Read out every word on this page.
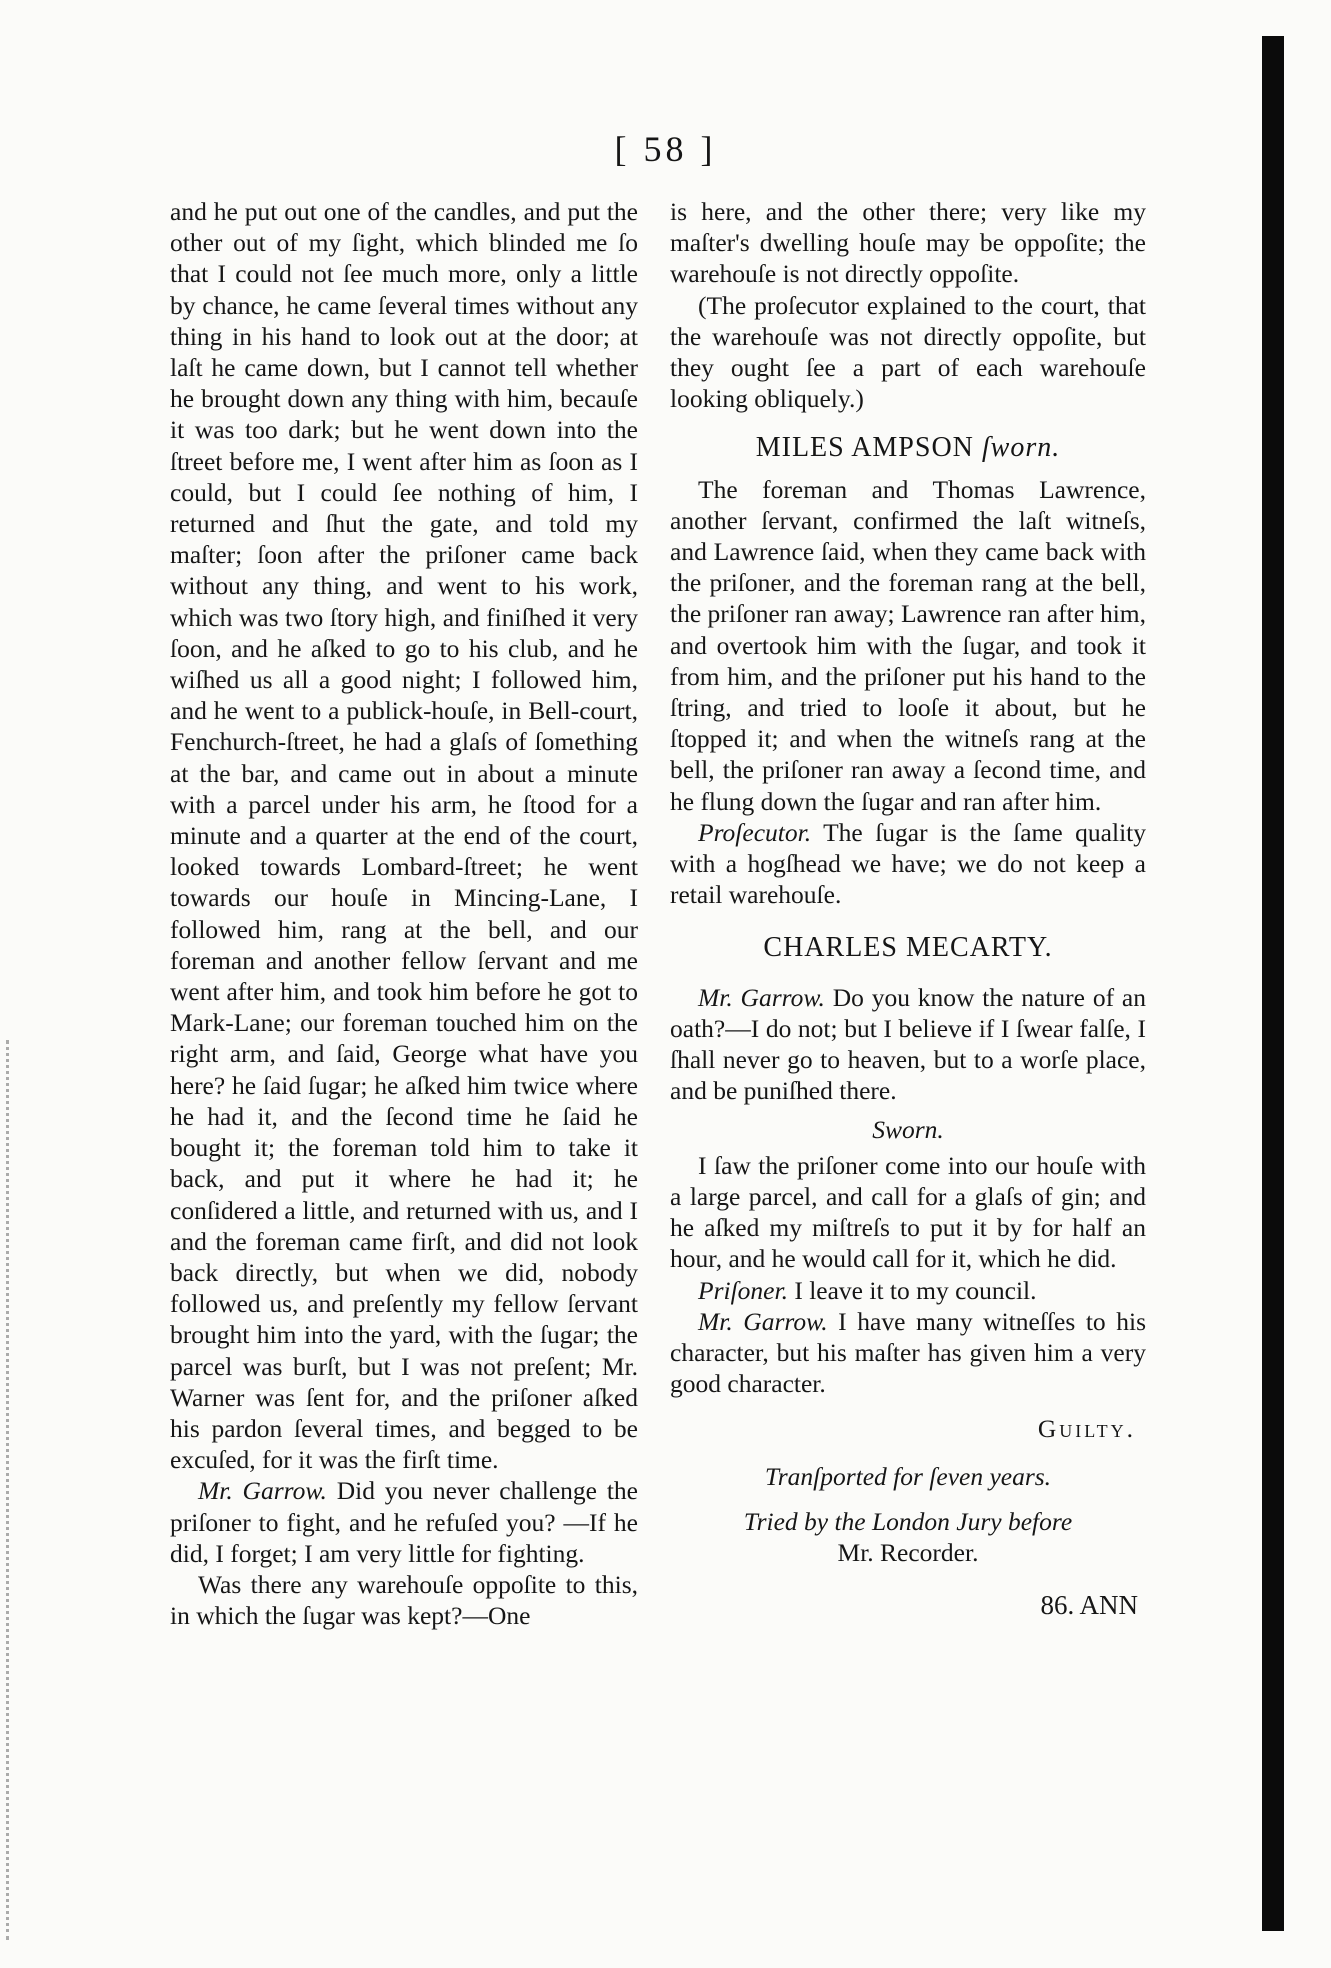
[ 58 ]

and he put out one of the candles, and put the other out of my ſight, which blinded me ſo that I could not ſee much more, only a little by chance, he came ſeveral times without any thing in his hand to look out at the door; at laſt he came down, but I cannot tell whether he brought down any thing with him, becauſe it was too dark; but he went down into the ſtreet before me, I went after him as ſoon as I could, but I could ſee nothing of him, I returned and ſhut the gate, and told my maſter; ſoon after the priſoner came back without any thing, and went to his work, which was two ſtory high, and finiſhed it very ſoon, and he aſked to go to his club, and he wiſhed us all a good night; I followed him, and he went to a publick-houſe, in Bell-court, Fenchurch-ſtreet, he had a glaſs of ſomething at the bar, and came out in about a minute with a parcel under his arm, he ſtood for a minute and a quarter at the end of the court, looked towards Lombard-ſtreet; he went towards our houſe in Mincing-Lane, I followed him, rang at the bell, and our foreman and another fellow ſervant and me went after him, and took him before he got to Mark-Lane; our foreman touched him on the right arm, and ſaid, George what have you here? he ſaid ſugar; he aſked him twice where he had it, and the ſecond time he ſaid he bought it; the foreman told him to take it back, and put it where he had it; he conſidered a little, and returned with us, and I and the foreman came firſt, and did not look back directly, but when we did, nobody followed us, and preſently my fellow ſervant brought him into the yard, with the ſugar; the parcel was burſt, but I was not preſent; Mr. Warner was ſent for, and the priſoner aſked his pardon ſeveral times, and begged to be excuſed, for it was the firſt time.

Mr. Garrow. Did you never challenge the priſoner to fight, and he refuſed you? —If he did, I forget; I am very little for fighting.

Was there any warehouſe oppoſite to this, in which the ſugar was kept?—One

is here, and the other there; very like my maſter's dwelling houſe may be oppoſite; the warehouſe is not directly oppoſite.

(The proſecutor explained to the court, that the warehouſe was not directly oppoſite, but they ought ſee a part of each warehouſe looking obliquely.)

MILES AMPSON ſworn.

The foreman and Thomas Lawrence, another ſervant, confirmed the laſt witneſs, and Lawrence ſaid, when they came back with the priſoner, and the foreman rang at the bell, the priſoner ran away; Lawrence ran after him, and overtook him with the ſugar, and took it from him, and the priſoner put his hand to the ſtring, and tried to looſe it about, but he ſtopped it; and when the witneſs rang at the bell, the priſoner ran away a ſecond time, and he flung down the ſugar and ran after him.

Proſecutor. The ſugar is the ſame quality with a hogſhead we have; we do not keep a retail warehouſe.

CHARLES MECARTY.

Mr. Garrow. Do you know the nature of an oath?—I do not; but I believe if I ſwear falſe, I ſhall never go to heaven, but to a worſe place, and be puniſhed there.

Sworn.

I ſaw the priſoner come into our houſe with a large parcel, and call for a glaſs of gin; and he aſked my miſtreſs to put it by for half an hour, and he would call for it, which he did.

Priſoner. I leave it to my council.

Mr. Garrow. I have many witneſſes to his character, but his maſter has given him a very good character.

Guilty.

Tranſported for ſeven years.

Tried by the London Jury before

Mr. Recorder.

86. ANN
